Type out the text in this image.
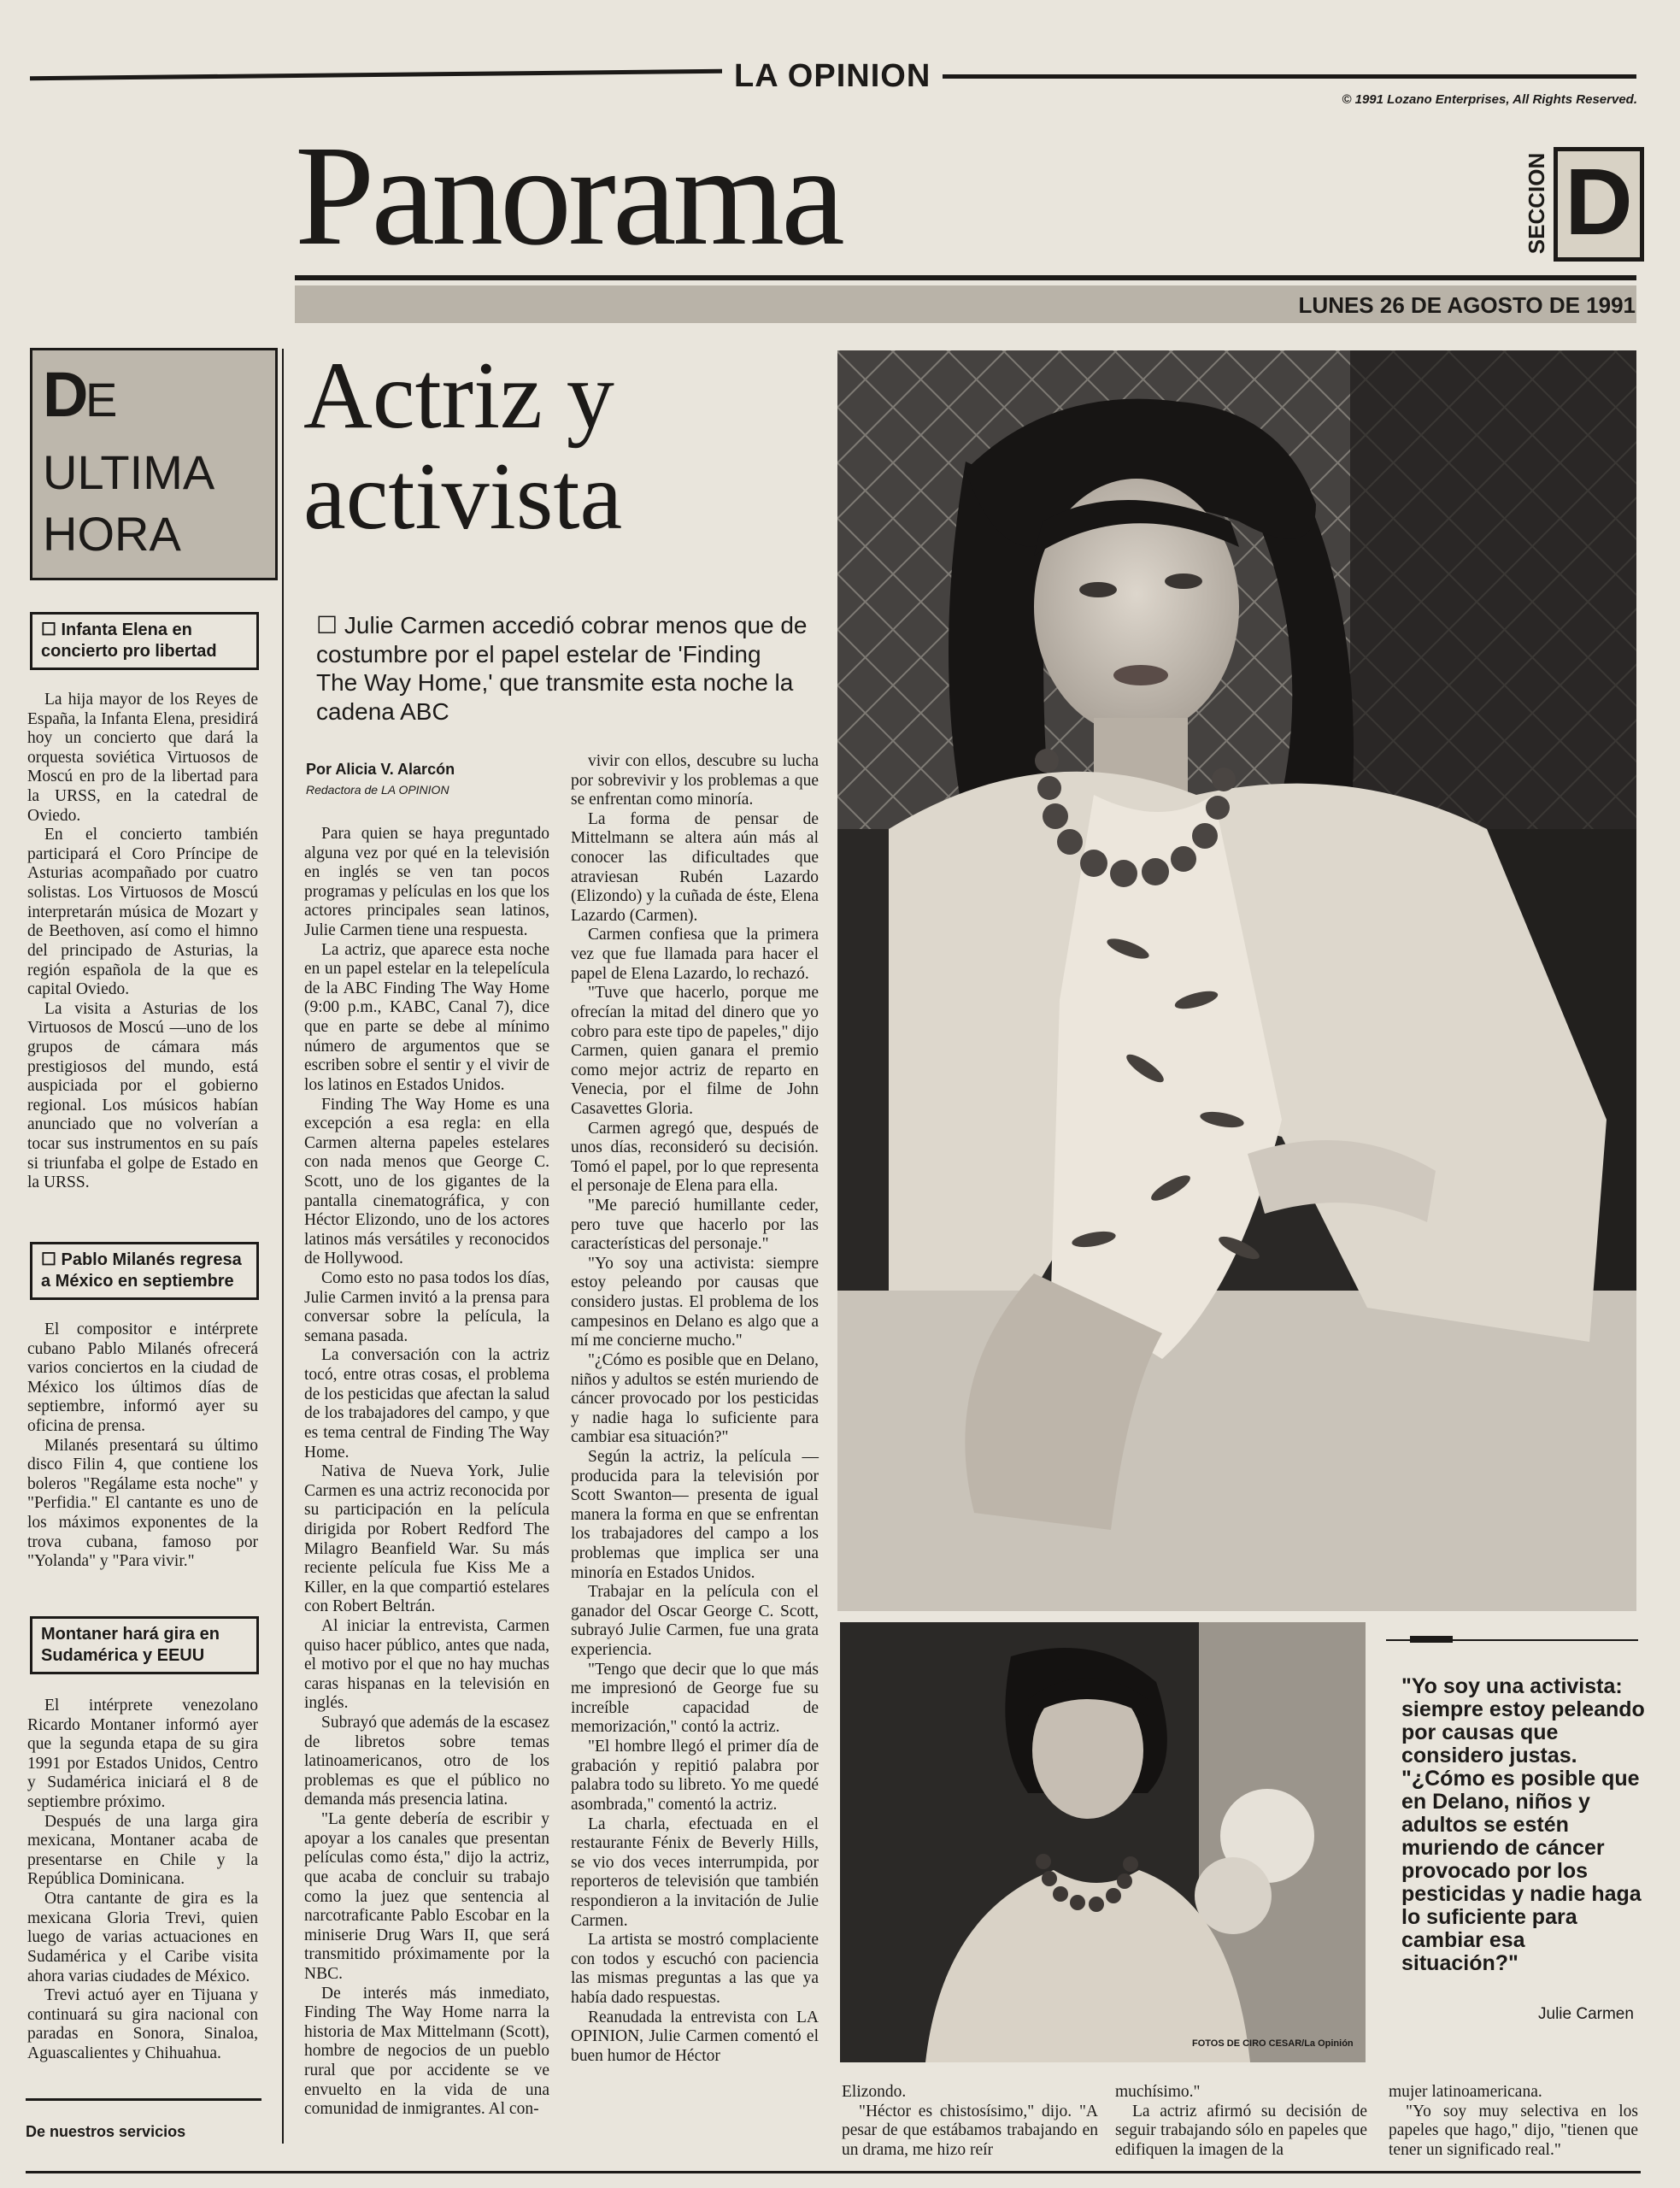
LA OPINION
© 1991 Lozano Enterprises, All Rights Reserved.
Panorama	SECCION D
LUNES 26 DE AGOSTO DE 1991
D
E
ULTIMA
HORA
☐ Infanta Elena en concierto pro libertad

La hija mayor de los Reyes de España, la Infanta Elena, presidirá hoy un concierto que dará la orquesta soviética Virtuosos de Moscú en pro de la libertad para la URSS, en la catedral de Oviedo.

En el concierto también participará el Coro Príncipe de Asturias acompañado por cuatro solistas. Los Virtuosos de Moscú interpretarán música de Mozart y de Beethoven, así como el himno del principado de Asturias, la región española de la que es capital Oviedo.

La visita a Asturias de los Virtuosos de Moscú —uno de los grupos de cámara más prestigiosos del mundo, está auspiciada por el gobierno regional. Los músicos habían anunciado que no volverían a tocar sus instrumentos en su país si triunfaba el golpe de Estado en la URSS.

☐ Pablo Milanés regresa a México en septiembre

El compositor e intérprete cubano Pablo Milanés ofrecerá varios conciertos en la ciudad de México los últimos días de septiembre, informó ayer su oficina de prensa.

Milanés presentará su último disco Filin 4, que contiene los boleros "Regálame esta noche" y "Perfidia." El cantante es uno de los máximos exponentes de la trova cubana, famoso por "Yolanda" y "Para vivir."

Montaner hará gira en Sudamérica y EEUU

El intérprete venezolano Ricardo Montaner informó ayer que la segunda etapa de su gira 1991 por Estados Unidos, Centro y Sudamérica iniciará el 8 de septiembre próximo.

Después de una larga gira mexicana, Montaner acaba de presentarse en Chile y la República Dominicana.

Otra cantante de gira es la mexicana Gloria Trevi, quien luego de varias actuaciones en Sudamérica y el Caribe visita ahora varias ciudades de México.

Trevi actuó ayer en Tijuana y continuará su gira nacional con paradas en Sonora, Sinaloa, Aguascalientes y Chihuahua.

De nuestros servicios
Actriz y
activista
☐ Julie Carmen accedió cobrar menos que de costumbre por el papel estelar de 'Finding The Way Home,' que transmite esta noche la cadena ABC
Por Alicia V. Alarcón
Redactora de LA OPINION

Para quien se haya preguntado alguna vez por qué en la televisión en inglés se ven tan pocos programas y películas en los que los actores principales sean latinos, Julie Carmen tiene una respuesta.

La actriz, que aparece esta noche en un papel estelar en la telepelícula de la ABC Finding The Way Home (9:00 p.m., KABC, Canal 7), dice que en parte se debe al mínimo número de argumentos que se escriben sobre el sentir y el vivir de los latinos en Estados Unidos.

Finding The Way Home es una excepción a esa regla: en ella Carmen alterna papeles estelares con nada menos que George C. Scott, uno de los gigantes de la pantalla cinematográfica, y con Héctor Elizondo, uno de los actores latinos más versátiles y reconocidos de Hollywood.

Como esto no pasa todos los días, Julie Carmen invitó a la prensa para conversar sobre la película, la semana pasada.

La conversación con la actriz tocó, entre otras cosas, el problema de los pesticidas que afectan la salud de los trabajadores del campo, y que es tema central de Finding The Way Home.

Nativa de Nueva York, Julie Carmen es una actriz reconocida por su participación en la película dirigida por Robert Redford The Milagro Beanfield War. Su más reciente película fue Kiss Me a Killer, en la que compartió estelares con Robert Beltrán.

Al iniciar la entrevista, Carmen quiso hacer público, antes que nada, el motivo por el que no hay muchas caras hispanas en la televisión en inglés.

Subrayó que además de la escasez de libretos sobre temas latinoamericanos, otro de los problemas es que el público no demanda más presencia latina.

"La gente debería de escribir y apoyar a los canales que presentan películas como ésta," dijo la actriz, que acaba de concluir su trabajo como la juez que sentencia al narcotraficante Pablo Escobar en la miniserie Drug Wars II, que será transmitido próximamente por la NBC.

De interés más inmediato, Finding The Way Home narra la historia de Max Mittelmann (Scott), hombre de negocios de un pueblo rural que por accidente se ve envuelto en la vida de una comunidad de inmigrantes. Al con-

vivir con ellos, descubre su lucha por sobrevivir y los problemas a que se enfrentan como minoría.

La forma de pensar de Mittelmann se altera aún más al conocer las dificultades que atraviesan Rubén Lazardo (Elizondo) y la cuñada de éste, Elena Lazardo (Carmen).

Carmen confiesa que la primera vez que fue llamada para hacer el papel de Elena Lazardo, lo rechazó.

"Tuve que hacerlo, porque me ofrecían la mitad del dinero que yo cobro para este tipo de papeles," dijo Carmen, quien ganara el premio como mejor actriz de reparto en Venecia, por el filme de John Casavettes Gloria.

Carmen agregó que, después de unos días, reconsideró su decisión. Tomó el papel, por lo que representa el personaje de Elena para ella.

"Me pareció humillante ceder, pero tuve que hacerlo por las características del personaje."

"Yo soy una activista: siempre estoy peleando por causas que considero justas. El problema de los campesinos en Delano es algo que a mí me concierne mucho."

"¿Cómo es posible que en Delano, niños y adultos se estén muriendo de cáncer provocado por los pesticidas y nadie haga lo suficiente para cambiar esa situación?"

Según la actriz, la película —producida para la televisión por Scott Swanton— presenta de igual manera la forma en que se enfrentan los trabajadores del campo a los problemas que implica ser una minoría en Estados Unidos.

Trabajar en la película con el ganador del Oscar George C. Scott, subrayó Julie Carmen, fue una grata experiencia.

"Tengo que decir que lo que más me impresionó de George fue su increíble capacidad de memorización," contó la actriz.

"El hombre llegó el primer día de grabación y repitió palabra por palabra todo su libreto. Yo me quedé asombrada," comentó la actriz.

La charla, efectuada en el restaurante Fénix de Beverly Hills, se vio dos veces interrumpida, por reporteros de televisión que también respondieron a la invitación de Julie Carmen.

La artista se mostró complaciente con todos y escuchó con paciencia las mismas preguntas a las que ya había dado respuestas.

Reanudada la entrevista con LA OPINION, Julie Carmen comentó el buen humor de Héctor

FOTOS DE CIRO CESAR/La Opinión
"Yo soy una activista: siempre estoy peleando por causas que considero justas. "¿Cómo es posible que en Delano, niños y adultos se estén muriendo de cáncer provocado por los pesticidas y nadie haga lo suficiente para cambiar esa situación?"
Julie Carmen

Elizondo.

"Héctor es chistosísimo," dijo. "A pesar de que estábamos trabajando en un drama, me hizo reír

muchísimo."

La actriz afirmó su decisión de seguir trabajando sólo en papeles que edifiquen la imagen de la

mujer latinoamericana.

"Yo soy muy selectiva en los papeles que hago," dijo, "tienen que tener un significado real."
